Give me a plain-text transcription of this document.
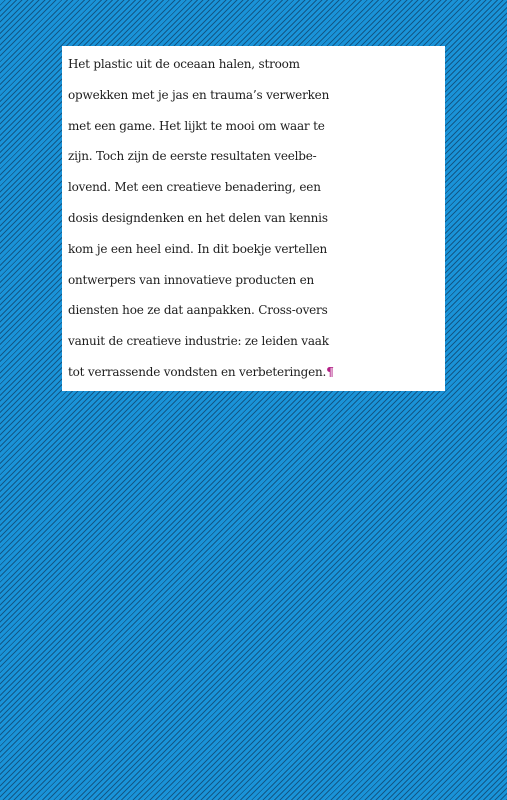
Het plastic uit de oceaan halen, stroom
opwekken met je jas en trauma’s verwerken
met een game. Het lijkt te mooi om waar te
zijn. Toch zijn de eerste resultaten veelbe-
lovend. Met een creatieve benadering, een
dosis designdenken en het delen van kennis
kom je een heel eind. In dit boekje vertellen
ontwerpers van innovatieve producten en
diensten hoe ze dat aanpakken. Cross-overs
vanuit de creatieve industrie: ze leiden vaak
tot verrassende vondsten en verbeteringen.¶
